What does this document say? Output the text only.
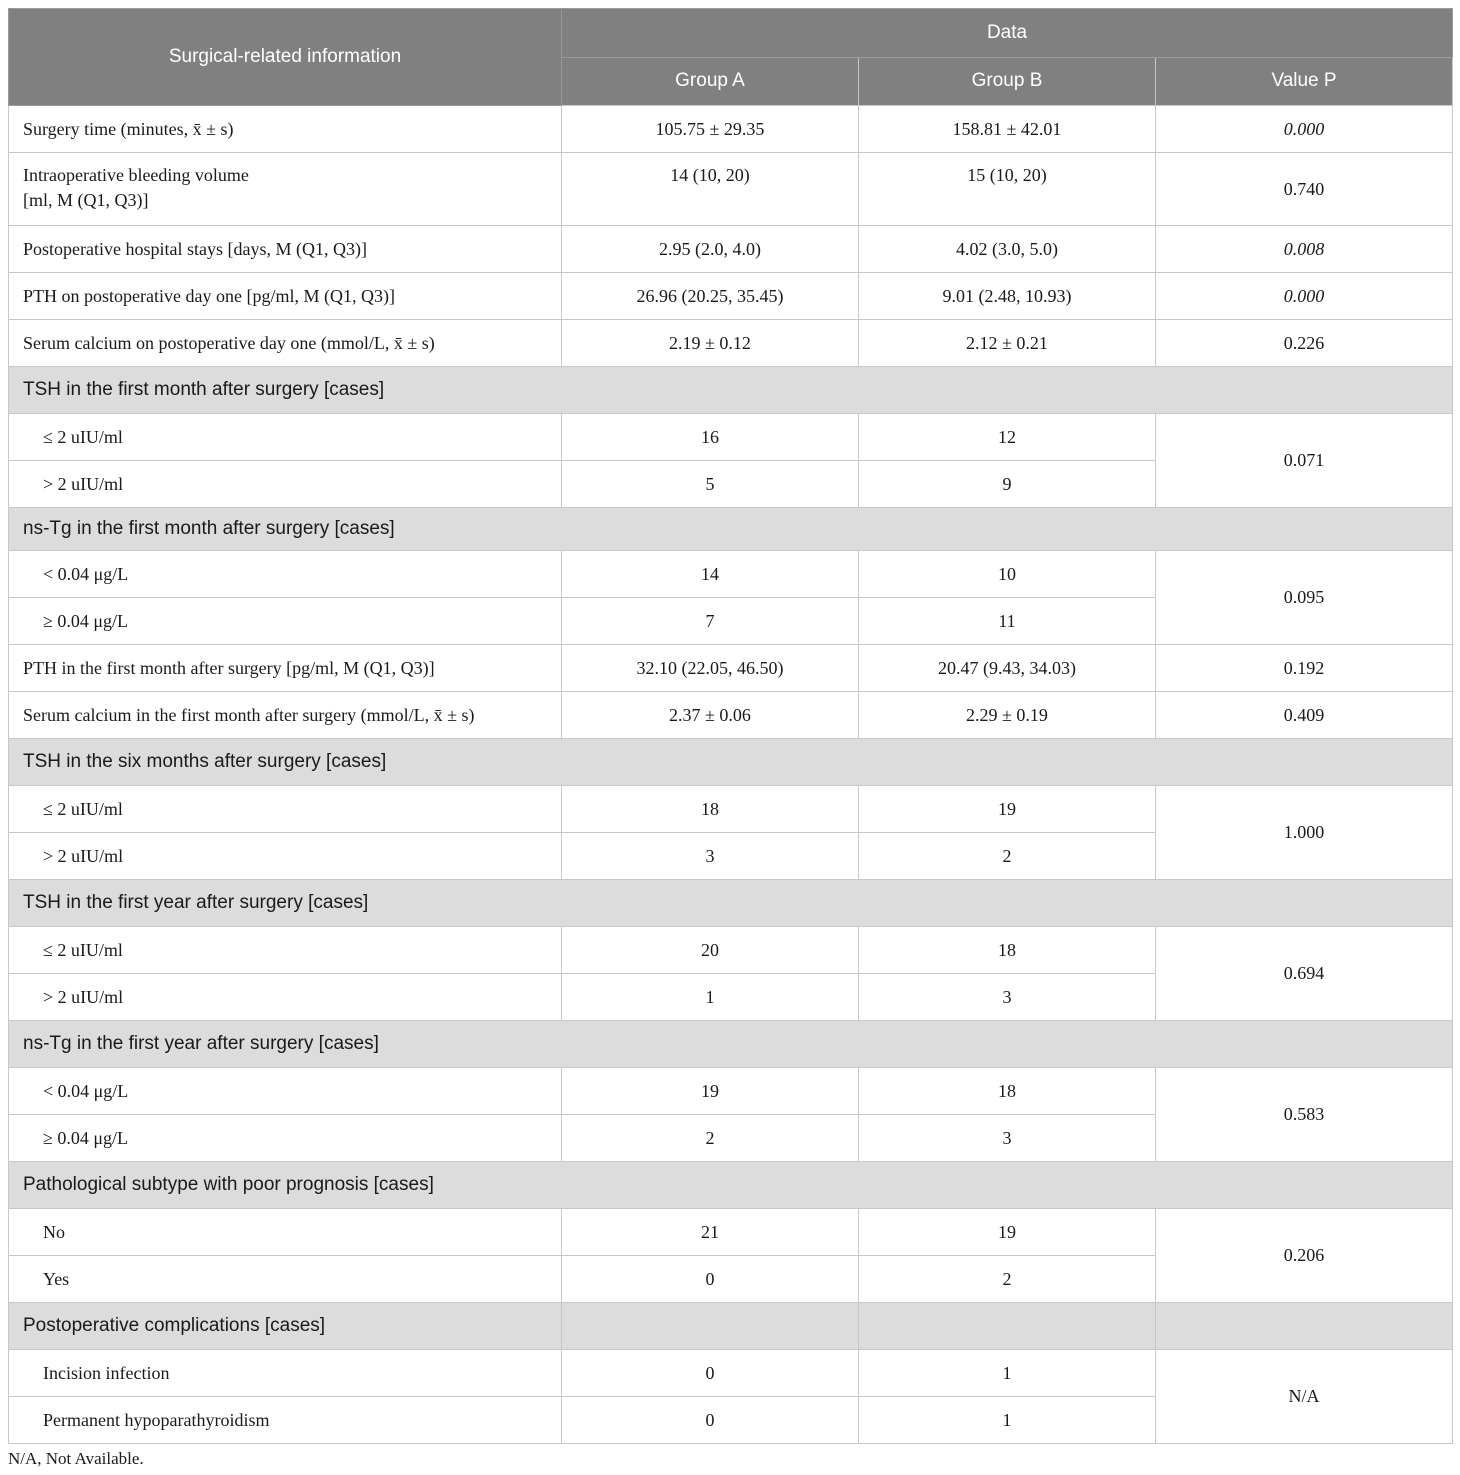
Surgical-related information	Data		
	Group A	Group B	Value P
Surgery time (minutes, x̄ ± s)	105.75 ± 29.35	158.81 ± 42.01	0.000
Intraoperative bleeding volume
[ml, M (Q1, Q3)]	14 (10, 20)	15 (10, 20)	0.740
Postoperative hospital stays [days, M (Q1, Q3)]	2.95 (2.0, 4.0)	4.02 (3.0, 5.0)	0.008
PTH on postoperative day one [pg/ml, M (Q1, Q3)]	26.96 (20.25, 35.45)	9.01 (2.48, 10.93)	0.000
Serum calcium on postoperative day one (mmol/L, x̄ ± s)	2.19 ± 0.12	2.12 ± 0.21	0.226
TSH in the first month after surgery [cases]			
≤ 2 uIU/ml	16	12	0.071
> 2 uIU/ml	5	9	
ns-Tg in the first month after surgery [cases]			
< 0.04 μg/L	14	10	0.095
≥ 0.04 μg/L	7	11	
PTH in the first month after surgery [pg/ml, M (Q1, Q3)]	32.10 (22.05, 46.50)	20.47 (9.43, 34.03)	0.192
Serum calcium in the first month after surgery (mmol/L, x̄ ± s)	2.37 ± 0.06	2.29 ± 0.19	0.409
TSH in the six months after surgery [cases]			
≤ 2 uIU/ml	18	19	1.000
> 2 uIU/ml	3	2	
TSH in the first year after surgery [cases]			
≤ 2 uIU/ml	20	18	0.694
> 2 uIU/ml	1	3	
ns-Tg in the first year after surgery [cases]			
< 0.04 μg/L	19	18	0.583
≥ 0.04 μg/L	2	3	
Pathological subtype with poor prognosis [cases]			
No	21	19	0.206
Yes	0	2	
Postoperative complications [cases]			
Incision infection	0	1	N/A
Permanent hypoparathyroidism	0	1	
N/A, Not Available.
